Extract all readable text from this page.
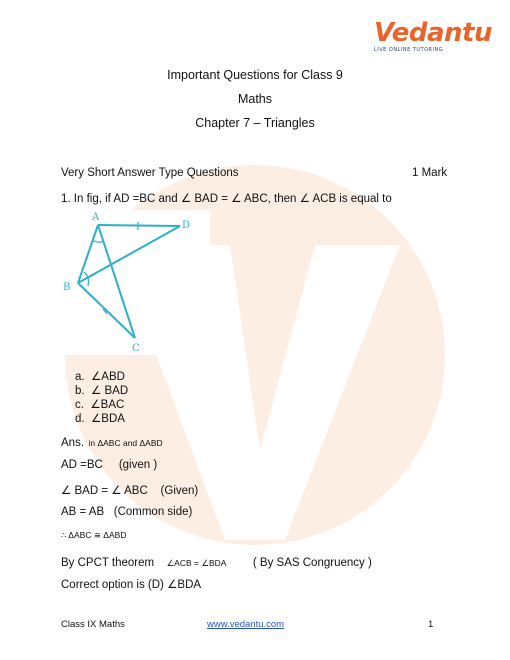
Vedantu
LIVE ONLINE TUTORING
Important Questions for Class 9
Maths
Chapter 7 – Triangles
Very Short Answer Type Questions	1 Mark
1. In fig, if AD =BC and ∠ BAD = ∠ ABC, then ∠ ACB is equal to
A
D
B
C
a. ∠ABD
b. ∠ BAD
c. ∠BAC
d. ∠BDA
Ans. in ΔABC and ΔABD
AD =BC     (given )
∠ BAD = ∠ ABC    (Given)
AB = AB   (Common side)
∴ ΔABC ≅ ΔABD
By CPCT theorem ∠ACB = ∠BDA ( By SAS Congruency )
Correct option is (D) ∠BDA
Class IX Maths	www.vedantu.com	1
